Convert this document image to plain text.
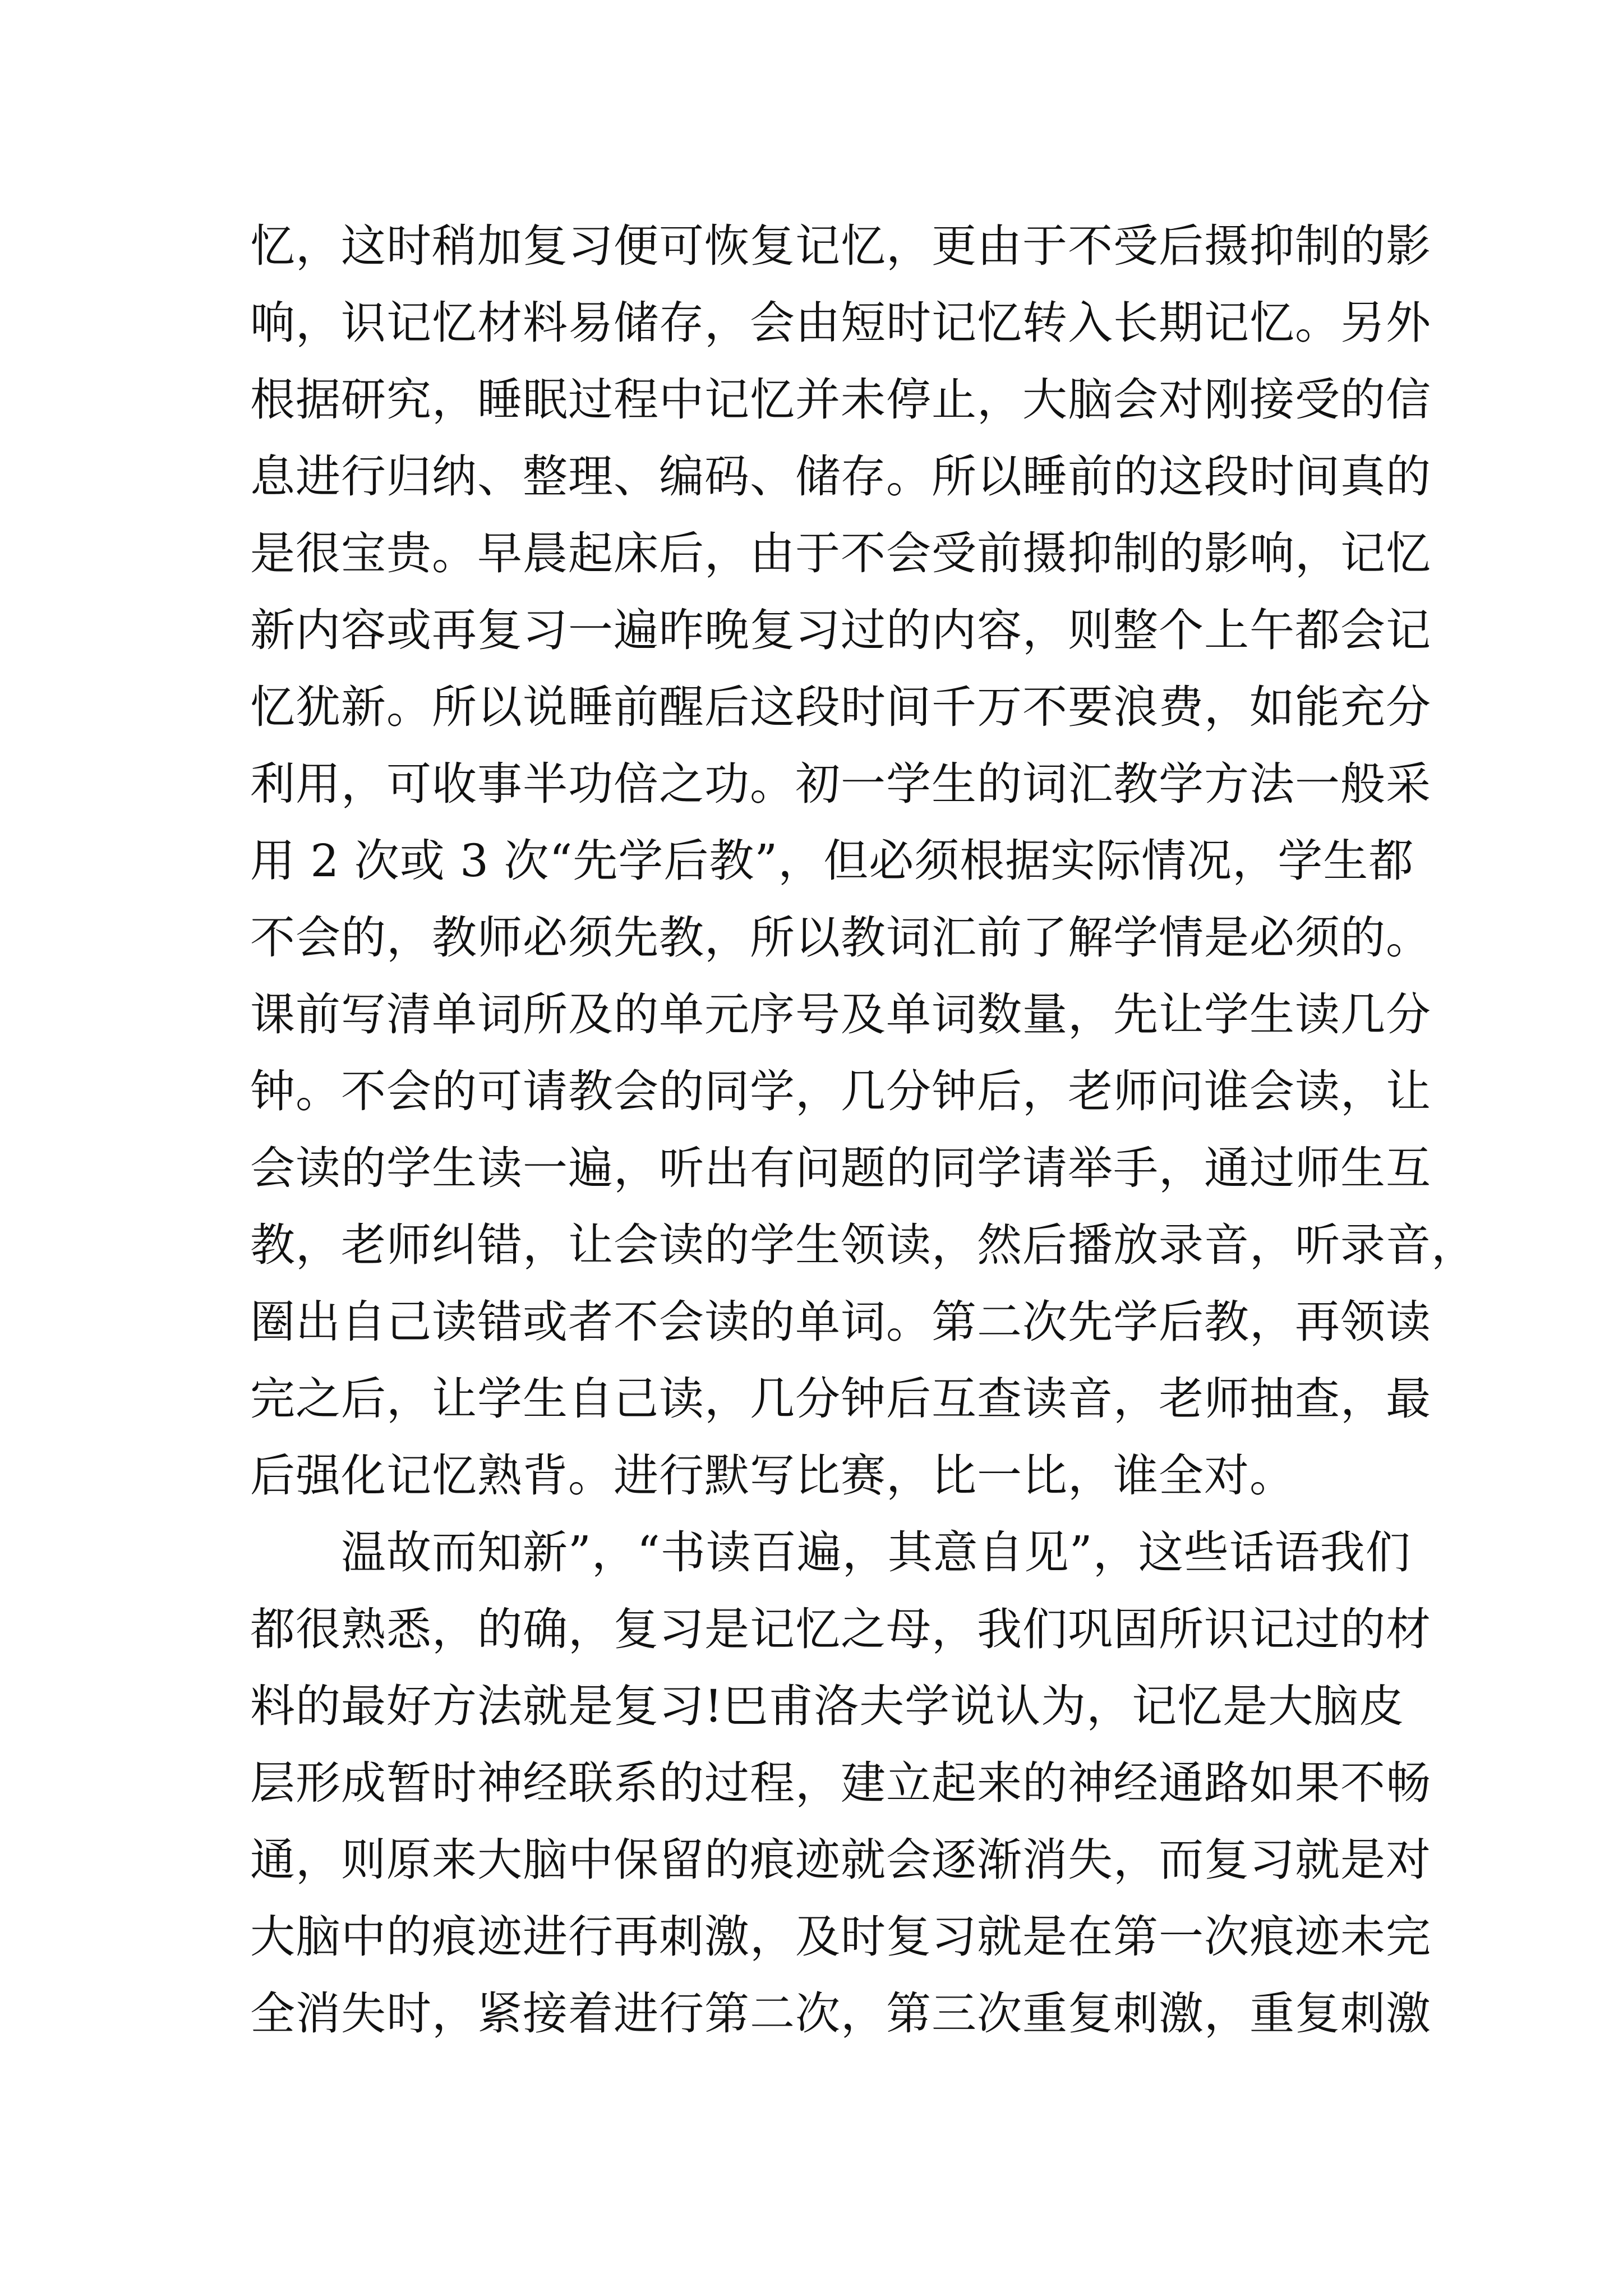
忆，这时稍加复习便可恢复记忆，更由于不受后摄抑制的影
响，识记忆材料易储存，会由短时记忆转入长期记忆。另外
根据研究，睡眠过程中记忆并未停止，大脑会对刚接受的信
息进行归纳、整理、编码、储存。所以睡前的这段时间真的
是很宝贵。早晨起床后，由于不会受前摄抑制的影响，记忆
新内容或再复习一遍昨晚复习过的内容，则整个上午都会记
忆犹新。所以说睡前醒后这段时间千万不要浪费，如能充分
利用，可收事半功倍之功。初一学生的词汇教学方法一般采
用 2 次或 3 次“先学后教”，但必须根据实际情况，学生都
不会的，教师必须先教，所以教词汇前了解学情是必须的。
课前写清单词所及的单元序号及单词数量，先让学生读几分
钟。不会的可请教会的同学，几分钟后，老师问谁会读，让
会读的学生读一遍，听出有问题的同学请举手，通过师生互
教，老师纠错，让会读的学生领读，然后播放录音，听录音，
圈出自己读错或者不会读的单词。第二次先学后教，再领读
完之后，让学生自己读，几分钟后互查读音，老师抽查，最
后强化记忆熟背。进行默写比赛，比一比，谁全对。
　　温故而知新”，“书读百遍，其意自见”，这些话语我们
都很熟悉，的确，复习是记忆之母，我们巩固所识记过的材
料的最好方法就是复习!巴甫洛夫学说认为，记忆是大脑皮
层形成暂时神经联系的过程，建立起来的神经通路如果不畅
通，则原来大脑中保留的痕迹就会逐渐消失，而复习就是对
大脑中的痕迹进行再刺激，及时复习就是在第一次痕迹未完
全消失时，紧接着进行第二次，第三次重复刺激，重复刺激
